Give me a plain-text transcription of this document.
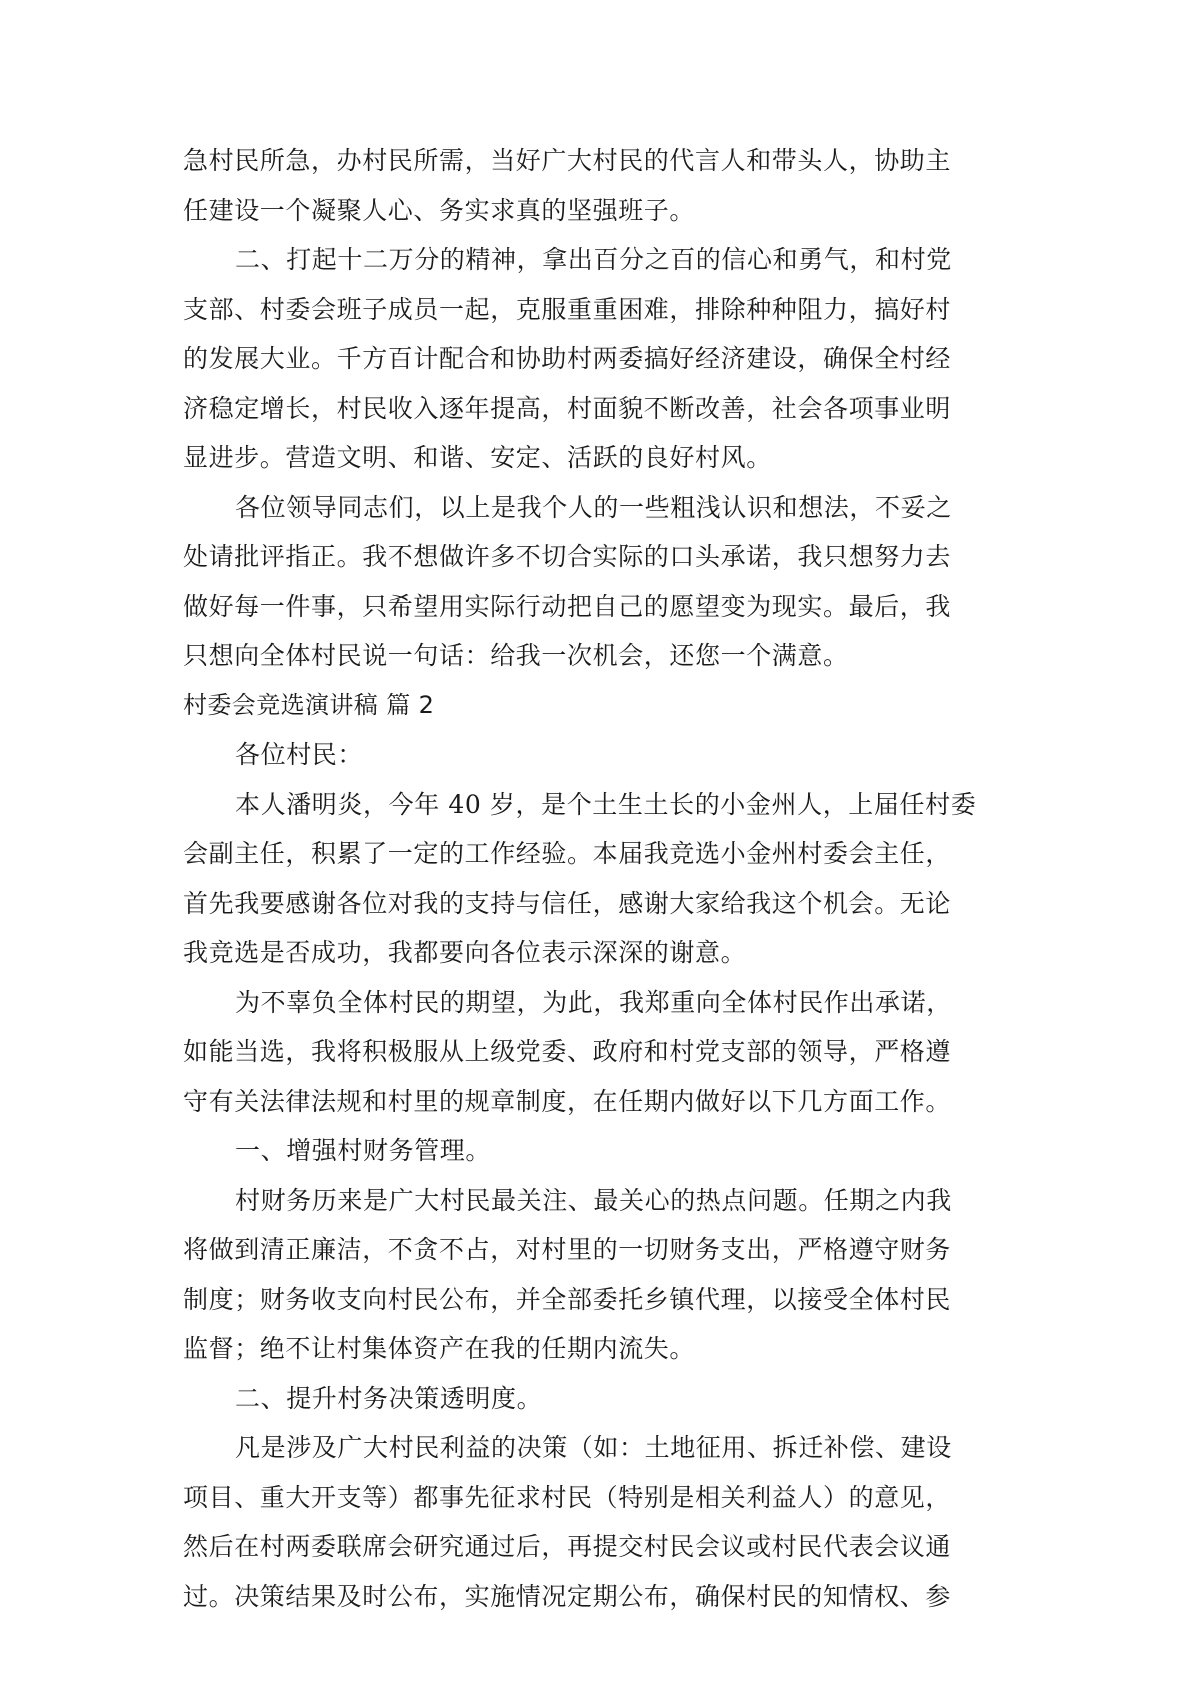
急村民所急，办村民所需，当好广大村民的代言人和带头人，协助主
任建设一个凝聚人心、务实求真的坚强班子。
二、打起十二万分的精神，拿出百分之百的信心和勇气，和村党
支部、村委会班子成员一起，克服重重困难，排除种种阻力，搞好村
的发展大业。千方百计配合和协助村两委搞好经济建设，确保全村经
济稳定增长，村民收入逐年提高，村面貌不断改善，社会各项事业明
显进步。营造文明、和谐、安定、活跃的良好村风。
各位领导同志们，以上是我个人的一些粗浅认识和想法，不妥之
处请批评指正。我不想做许多不切合实际的口头承诺，我只想努力去
做好每一件事，只希望用实际行动把自己的愿望变为现实。最后，我
只想向全体村民说一句话：给我一次机会，还您一个满意。
村委会竞选演讲稿 篇 2
各位村民：
本人潘明炎，今年 40 岁，是个土生土长的小金州人，上届任村委
会副主任，积累了一定的工作经验。本届我竞选小金州村委会主任，
首先我要感谢各位对我的支持与信任，感谢大家给我这个机会。无论
我竞选是否成功，我都要向各位表示深深的谢意。
为不辜负全体村民的期望，为此，我郑重向全体村民作出承诺，
如能当选，我将积极服从上级党委、政府和村党支部的领导，严格遵
守有关法律法规和村里的规章制度，在任期内做好以下几方面工作。
一、增强村财务管理。
村财务历来是广大村民最关注、最关心的热点问题。任期之内我
将做到清正廉洁，不贪不占，对村里的一切财务支出，严格遵守财务
制度；财务收支向村民公布，并全部委托乡镇代理，以接受全体村民
监督；绝不让村集体资产在我的任期内流失。
二、提升村务决策透明度。
凡是涉及广大村民利益的决策（如：土地征用、拆迁补偿、建设
项目、重大开支等）都事先征求村民（特别是相关利益人）的意见，
然后在村两委联席会研究通过后，再提交村民会议或村民代表会议通
过。决策结果及时公布，实施情况定期公布，确保村民的知情权、参
